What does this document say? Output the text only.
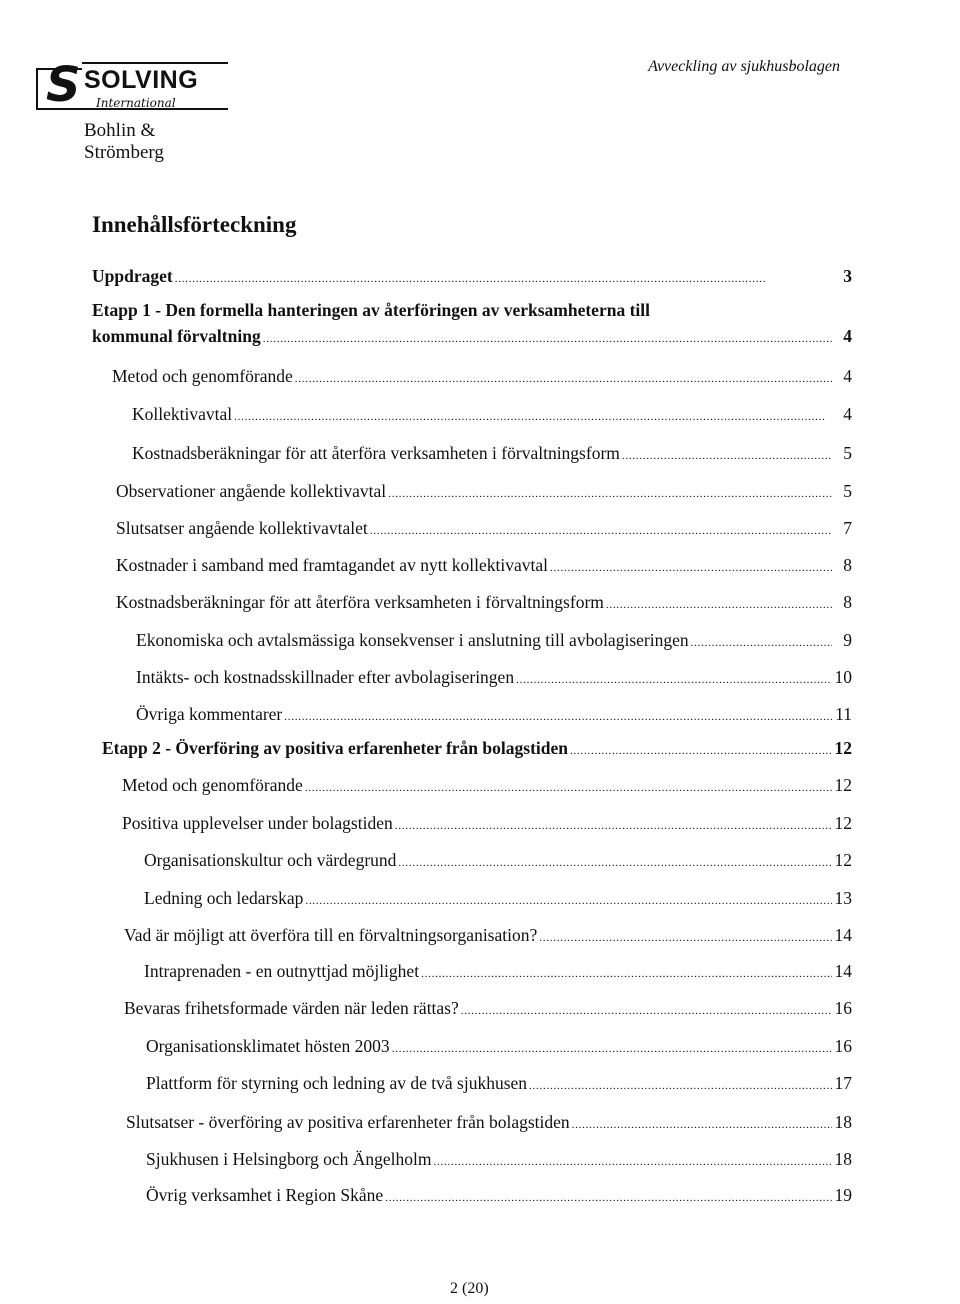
S SOLVING
International
Bohlin & Strömberg
Avveckling av sjukhusbolagen
Innehållsförteckning
Uppdraget . . .	3
Etapp 1 - Den formella hanteringen av återföringen av verksamheterna till
kommunal förvaltning . . .	4
Metod och genomförande . . .	4
Kollektivavtal . . .	4
Kostnadsberäkningar för att återföra verksamheten i förvaltningsform . . .	5
Observationer angående kollektivavtal . . .	5
Slutsatser angående kollektivavtalet . . .	7
Kostnader i samband med framtagandet av nytt kollektivavtal . . .	8
Kostnadsberäkningar för att återföra verksamheten i förvaltningsform . . .	8
Ekonomiska och avtalsmässiga konsekvenser i anslutning till avbolagiseringen . . .	9
Intäkts- och kostnadsskillnader efter avbolagiseringen . . .	10
Övriga kommentarer . . .	11
Etapp 2 - Överföring av positiva erfarenheter från bolagstiden . . .	12
Metod och genomförande . . .	12
Positiva upplevelser under bolagstiden . . .	12
Organisationskultur och värdegrund . . .	12
Ledning och ledarskap . . .	13
Vad är möjligt att överföra till en förvaltningsorganisation? . . .	14
Intraprenaden - en outnyttjad möjlighet . . .	14
Bevaras frihetsformade värden när leden rättas? . . .	16
Organisationsklimatet hösten 2003 . . .	16
Plattform för styrning och ledning av de två sjukhusen . . .	17
Slutsatser - överföring av positiva erfarenheter från bolagstiden . . .	18
Sjukhusen i Helsingborg och Ängelholm . . .	18
Övrig verksamhet i Region Skåne . . .	19
2 (20)
